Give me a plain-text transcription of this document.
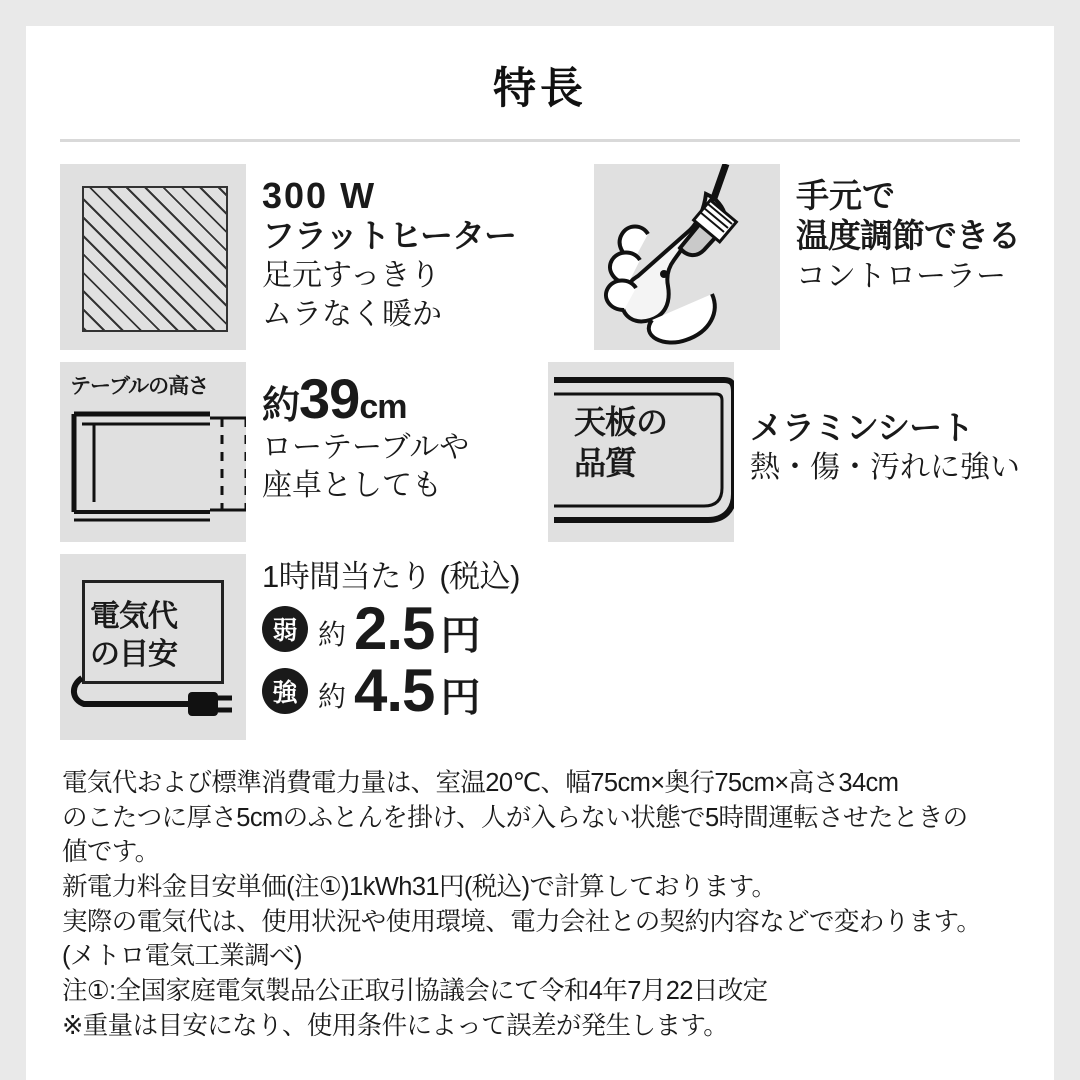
特長
300 W
フラットヒーター
足元すっきり
ムラなく暖か
手元で
温度調節できる
コントローラー
テーブルの高さ 約39cm
ローテーブルや
座卓としても
天板の
品質
メラミンシート
熱・傷・汚れに強い
電気代
の目安
1時間当たり (税込)
弱 約 2.5 円
強 約 4.5 円
電気代および標準消費電力量は、室温20℃、幅75cm×奥行75cm×高さ34cm
のこたつに厚さ5cmのふとんを掛け、人が入らない状態で5時間運転させたときの
値です。
新電力料金目安単価(注①)1kWh31円(税込)で計算しております。
実際の電気代は、使用状況や使用環境、電力会社との契約内容などで変わります。
(メトロ電気工業調べ)
注①:全国家庭電気製品公正取引協議会にて令和4年7月22日改定
※重量は目安になり、使用条件によって誤差が発生します。
